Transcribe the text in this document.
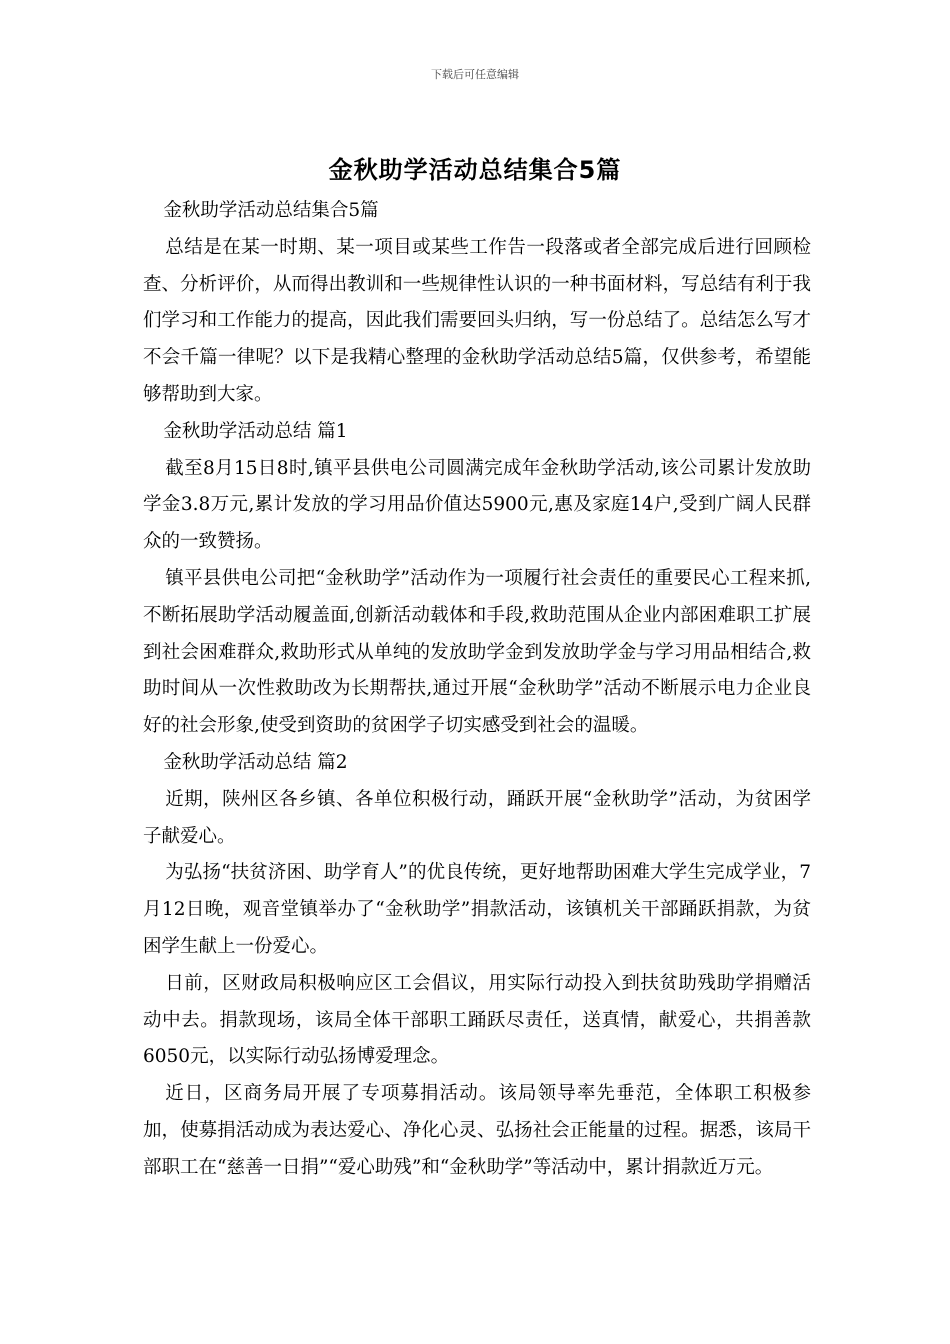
下载后可任意编辑
金秋助学活动总结集合5篇

金秋助学活动总结集合5篇

总结是在某一时期、某一项目或某些工作告一段落或者全部完成后进行回顾检查、分析评价，从而得出教训和一些规律性认识的一种书面材料，写总结有利于我们学习和工作能力的提高，因此我们需要回头归纳，写一份总结了。总结怎么写才不会千篇一律呢？以下是我精心整理的金秋助学活动总结5篇，仅供参考，希望能够帮助到大家。

金秋助学活动总结 篇1

截至8月15日8时,镇平县供电公司圆满完成年金秋助学活动,该公司累计发放助学金3.8万元,累计发放的学习用品价值达5900元,惠及家庭14户,受到广阔人民群众的一致赞扬。

镇平县供电公司把“金秋助学”活动作为一项履行社会责任的重要民心工程来抓,不断拓展助学活动履盖面,创新活动载体和手段,救助范围从企业内部困难职工扩展到社会困难群众,救助形式从单纯的发放助学金到发放助学金与学习用品相结合,救助时间从一次性救助改为长期帮扶,通过开展“金秋助学”活动不断展示电力企业良好的社会形象,使受到资助的贫困学子切实感受到社会的温暖。

金秋助学活动总结 篇2

近期，陕州区各乡镇、各单位积极行动，踊跃开展“金秋助学”活动，为贫困学子献爱心。

为弘扬“扶贫济困、助学育人”的优良传统，更好地帮助困难大学生完成学业，7月12日晚，观音堂镇举办了“金秋助学”捐款活动，该镇机关干部踊跃捐款，为贫困学生献上一份爱心。

日前，区财政局积极响应区工会倡议，用实际行动投入到扶贫助残助学捐赠活动中去。捐款现场，该局全体干部职工踊跃尽责任，送真情，献爱心，共捐善款6050元，以实际行动弘扬博爱理念。

近日，区商务局开展了专项募捐活动。该局领导率先垂范，全体职工积极参加，使募捐活动成为表达爱心、净化心灵、弘扬社会正能量的过程。据悉，该局干部职工在“慈善一日捐”“爱心助残”和“金秋助学”等活动中，累计捐款近万元。
